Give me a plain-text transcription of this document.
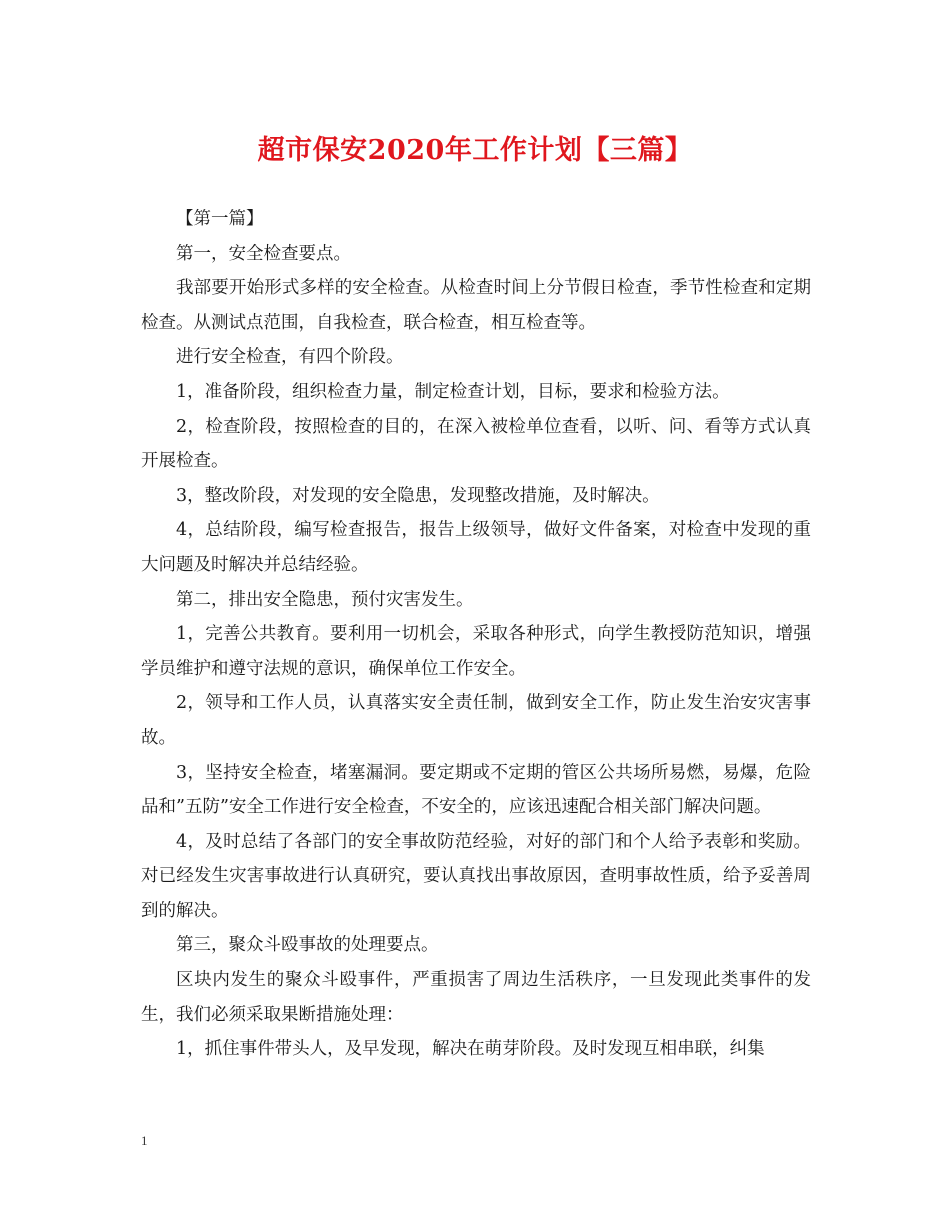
超市保安2020年工作计划【三篇】

【第一篇】

第一，安全检查要点。

我部要开始形式多样的安全检查。从检查时间上分节假日检查，季节性检查和定期检查。从测试点范围，自我检查，联合检查，相互检查等。

进行安全检查，有四个阶段。

1，准备阶段，组织检查力量，制定检查计划，目标，要求和检验方法。

2，检查阶段，按照检查的目的，在深入被检单位查看，以听、问、看等方式认真开展检查。

3，整改阶段，对发现的安全隐患，发现整改措施，及时解决。

4，总结阶段，编写检查报告，报告上级领导，做好文件备案，对检查中发现的重大问题及时解决并总结经验。

第二，排出安全隐患，预付灾害发生。

1，完善公共教育。要利用一切机会，采取各种形式，向学生教授防范知识，增强学员维护和遵守法规的意识，确保单位工作安全。

2，领导和工作人员，认真落实安全责任制，做到安全工作，防止发生治安灾害事故。

3，坚持安全检查，堵塞漏洞。要定期或不定期的管区公共场所易燃，易爆，危险品和”五防”安全工作进行安全检查，不安全的，应该迅速配合相关部门解决问题。

4，及时总结了各部门的安全事故防范经验，对好的部门和个人给予表彰和奖励。对已经发生灾害事故进行认真研究，要认真找出事故原因，查明事故性质，给予妥善周到的解决。

第三，聚众斗殴事故的处理要点。

区块内发生的聚众斗殴事件，严重损害了周边生活秩序，一旦发现此类事件的发生，我们必须采取果断措施处理：

1，抓住事件带头人，及早发现，解决在萌芽阶段。及时发现互相串联，纠集

1
